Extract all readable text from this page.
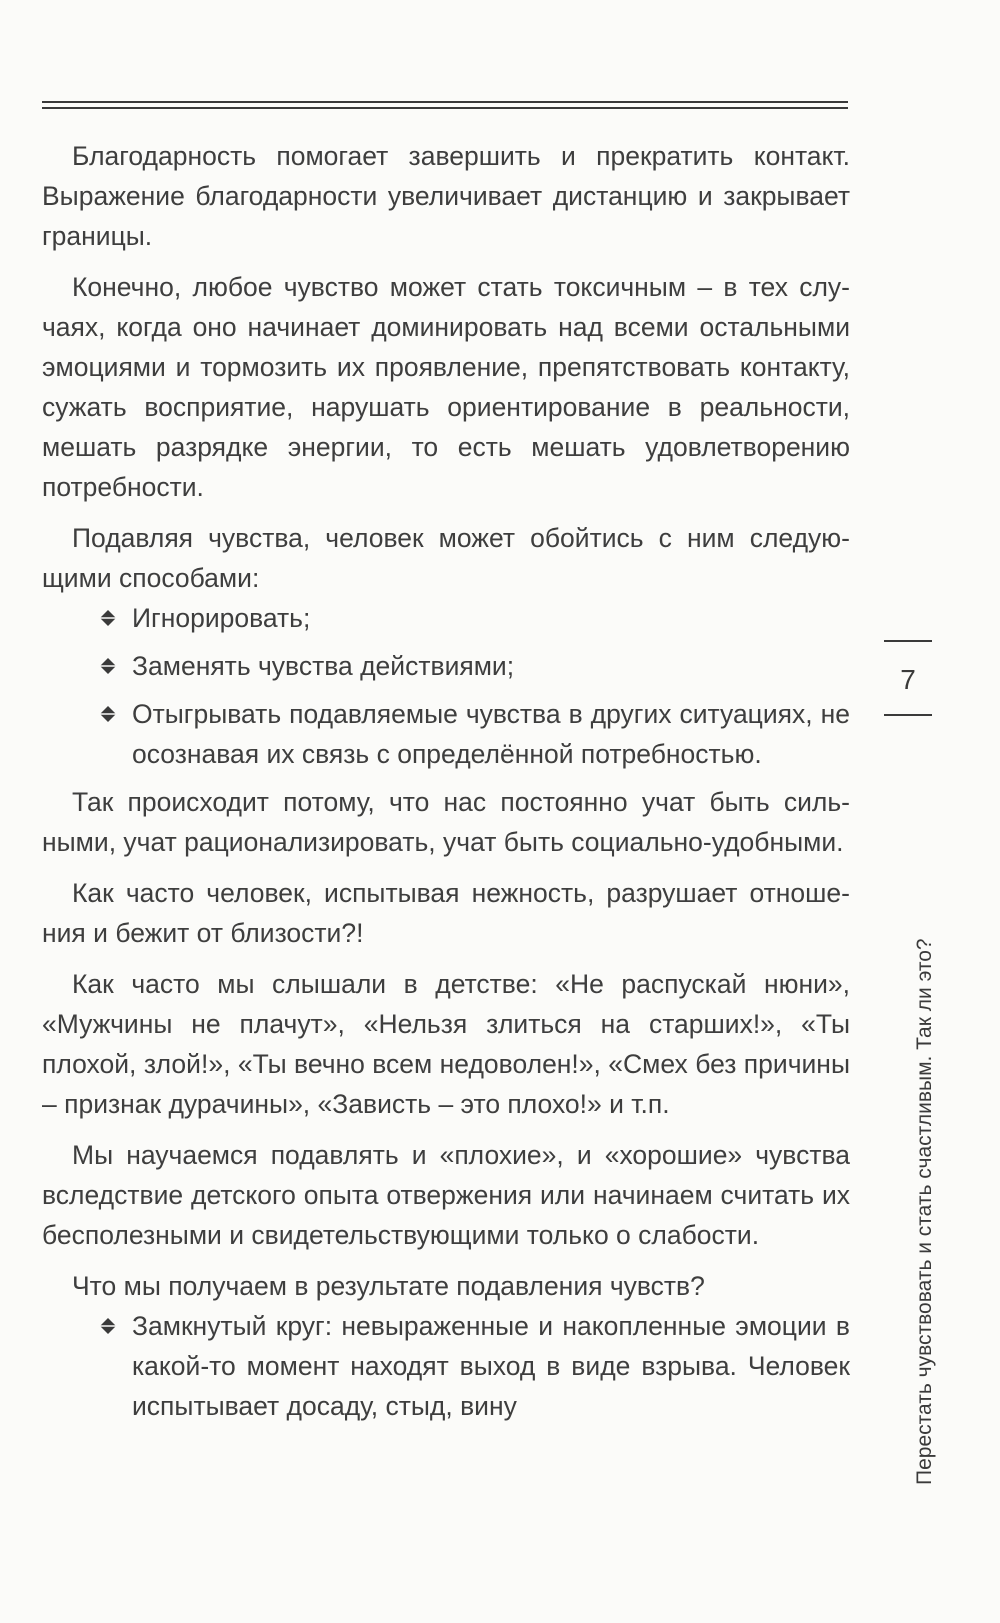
Благодарность помогает завершить и прекратить контакт. Выражение благодарности увеличивает дистанцию и закрывает границы.

Конечно, любое чувство может стать токсичным – в тех случаях, когда оно начинает доминировать над всеми остальными эмоциями и тормозить их проявление, препятствовать контакту, сужать восприятие, нарушать ориентирование в реальности, мешать разрядке энергии, то есть мешать удовлетворению потребности.

Подавляя чувства, человек может обойтись с ним следующими способами:

Игнорировать;
Заменять чувства действиями;
Отыгрывать подавляемые чувства в других ситуациях, не осознавая их связь с определённой потребностью.

Так происходит потому, что нас постоянно учат быть сильными, учат рационализировать, учат быть социально-удобными.

Как часто человек, испытывая нежность, разрушает отношения и бежит от близости?!

Как часто мы слышали в детстве: «Не распускай нюни», «Мужчины не плачут», «Нельзя злиться на старших!», «Ты плохой, злой!», «Ты вечно всем недоволен!», «Смех без причины – признак дурачины», «Зависть – это плохо!» и т.п.

Мы научаемся подавлять и «плохие», и «хорошие» чувства вследствие детского опыта отвержения или начинаем считать их бесполезными и свидетельствующими только о слабости.

Что мы получаем в результате подавления чувств?

Замкнутый круг: невыраженные и накопленные эмоции в какой-то момент находят выход в виде взрыва. Человек испытывает досаду, стыд, вину
7
Перестать чувствовать и стать счастливым. Так ли это?
